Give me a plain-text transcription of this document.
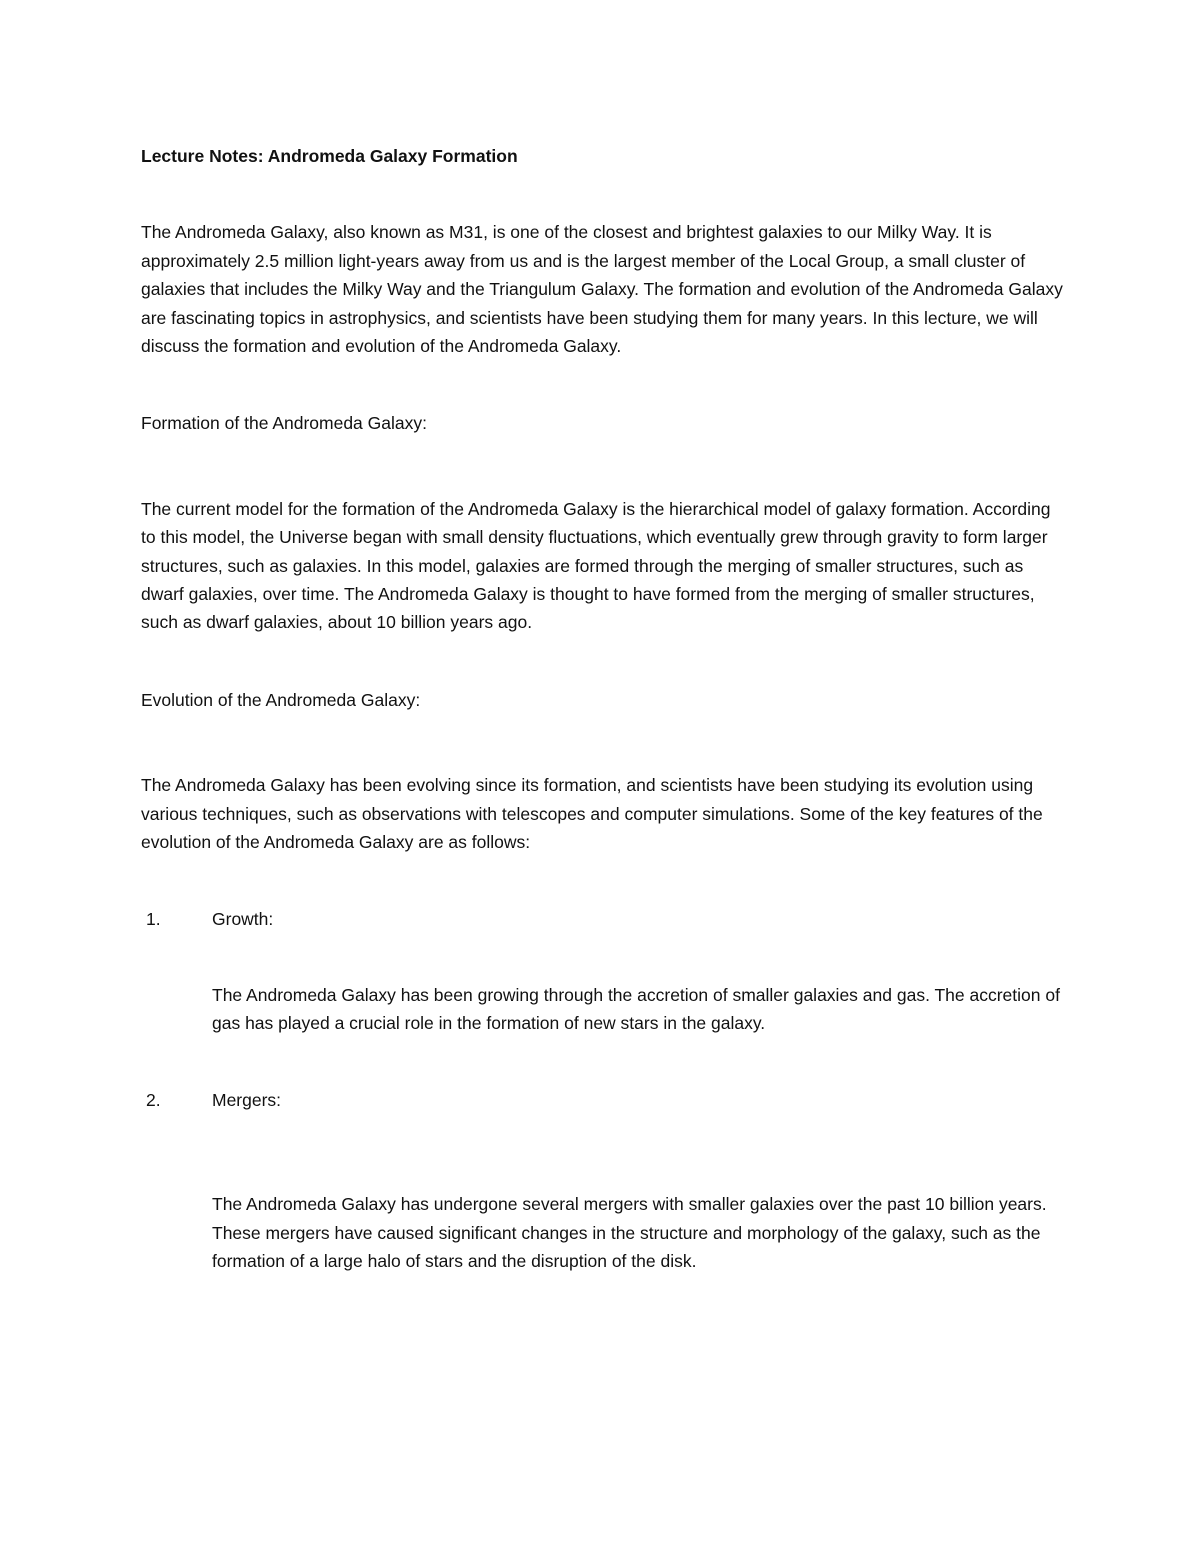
Lecture Notes: Andromeda Galaxy Formation

The Andromeda Galaxy, also known as M31, is one of the closest and brightest galaxies to our Milky Way. It is approximately 2.5 million light-years away from us and is the largest member of the Local Group, a small cluster of galaxies that includes the Milky Way and the Triangulum Galaxy. The formation and evolution of the Andromeda Galaxy are fascinating topics in astrophysics, and scientists have been studying them for many years. In this lecture, we will discuss the formation and evolution of the Andromeda Galaxy.

Formation of the Andromeda Galaxy:

The current model for the formation of the Andromeda Galaxy is the hierarchical model of galaxy formation. According to this model, the Universe began with small density fluctuations, which eventually grew through gravity to form larger structures, such as galaxies. In this model, galaxies are formed through the merging of smaller structures, such as dwarf galaxies, over time. The Andromeda Galaxy is thought to have formed from the merging of smaller structures, such as dwarf galaxies, about 10 billion years ago.

Evolution of the Andromeda Galaxy:

The Andromeda Galaxy has been evolving since its formation, and scientists have been studying its evolution using various techniques, such as observations with telescopes and computer simulations. Some of the key features of the evolution of the Andromeda Galaxy are as follows:

1.	Growth:

The Andromeda Galaxy has been growing through the accretion of smaller galaxies and gas. The accretion of gas has played a crucial role in the formation of new stars in the galaxy.

2.	Mergers:

The Andromeda Galaxy has undergone several mergers with smaller galaxies over the past 10 billion years. These mergers have caused significant changes in the structure and morphology of the galaxy, such as the formation of a large halo of stars and the disruption of the disk.
